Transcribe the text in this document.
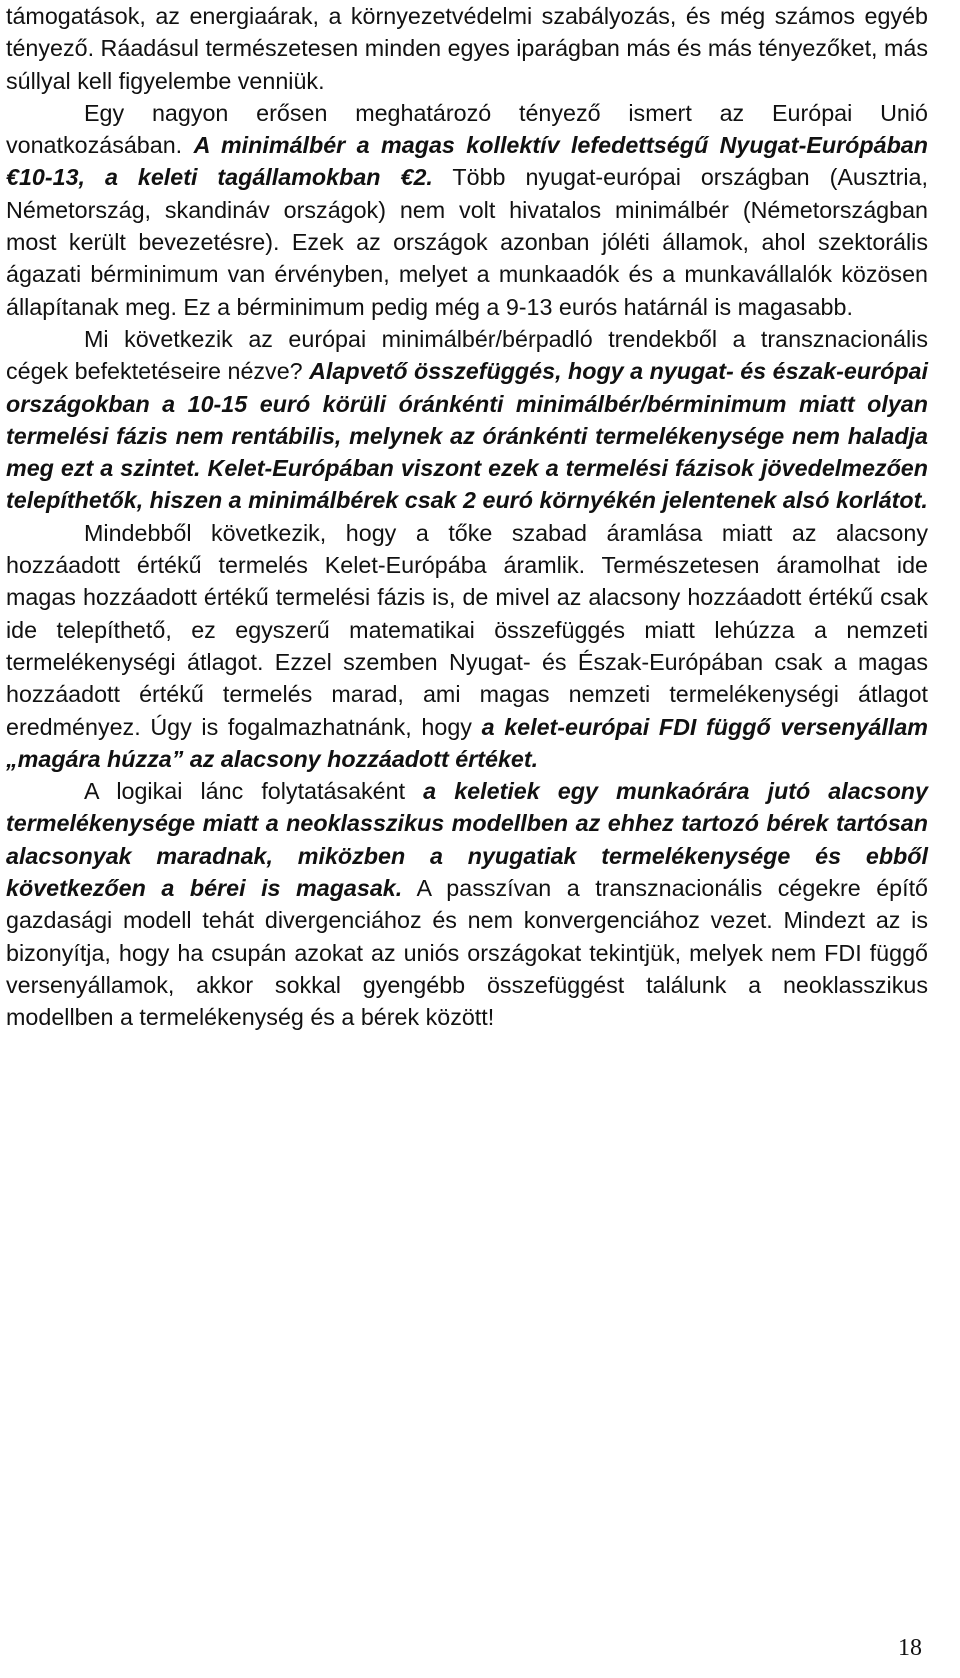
támogatások, az energiaárak, a környezetvédelmi szabályozás, és még számos egyéb tényező. Ráadásul természetesen minden egyes iparágban más és más tényezőket, más súllyal kell figyelembe venniük.

Egy nagyon erősen meghatározó tényező ismert az Európai Unió vonatkozásában. A minimálbér a magas kollektív lefedettségű Nyugat-Európában €10-13, a keleti tagállamokban €2. Több nyugat-európai országban (Ausztria, Németország, skandináv országok) nem volt hivatalos minimálbér (Németországban most került bevezetésre). Ezek az országok azonban jóléti államok, ahol szektorális ágazati bérminimum van érvényben, melyet a munkaadók és a munkavállalók közösen állapítanak meg. Ez a bérminimum pedig még a 9-13 eurós határnál is magasabb.

Mi következik az európai minimálbér/bérpadló trendekből a transznacionális cégek befektetéseire nézve? Alapvető összefüggés, hogy a nyugat- és észak-európai országokban a 10-15 euró körüli óránkénti minimálbér/bérminimum miatt olyan termelési fázis nem rentábilis, melynek az óránkénti termelékenysége nem haladja meg ezt a szintet. Kelet-Európában viszont ezek a termelési fázisok jövedelmezően telepíthetők, hiszen a minimálbérek csak 2 euró környékén jelentenek alsó korlátot.

Mindebből következik, hogy a tőke szabad áramlása miatt az alacsony hozzáadott értékű termelés Kelet-Európába áramlik. Természetesen áramolhat ide magas hozzáadott értékű termelési fázis is, de mivel az alacsony hozzáadott értékű csak ide telepíthető, ez egyszerű matematikai összefüggés miatt lehúzza a nemzeti termelékenységi átlagot. Ezzel szemben Nyugat- és Észak-Európában csak a magas hozzáadott értékű termelés marad, ami magas nemzeti termelékenységi átlagot eredményez. Úgy is fogalmazhatnánk, hogy a kelet-európai FDI függő versenyállam „magára húzza” az alacsony hozzáadott értéket.

A logikai lánc folytatásaként a keletiek egy munkaórára jutó alacsony termelékenysége miatt a neoklasszikus modellben az ehhez tartozó bérek tartósan alacsonyak maradnak, miközben a nyugatiak termelékenysége és ebből következően a bérei is magasak. A passzívan a transznacionális cégekre építő gazdasági modell tehát divergenciához és nem konvergenciához vezet. Mindezt az is bizonyítja, hogy ha csupán azokat az uniós országokat tekintjük, melyek nem FDI függő versenyállamok, akkor sokkal gyengébb összefüggést találunk a neoklasszikus modellben a termelékenység és a bérek között!

18
